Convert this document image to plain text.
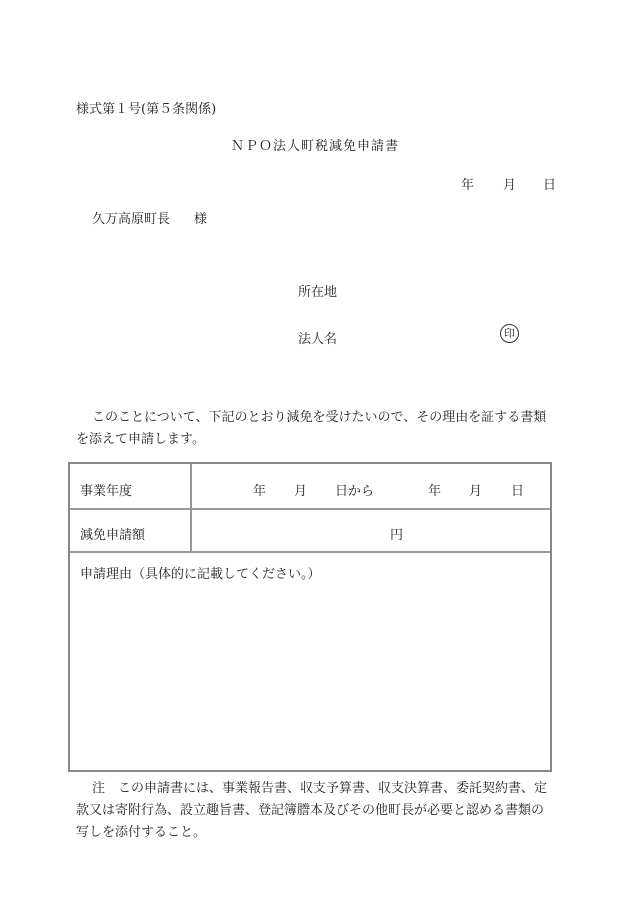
様式第１号(第５条関係)
ＮＰＯ法人町税減免申請書
年 月 日
久万高原町長 様
所在地
法人名	印
このことについて、下記のとおり減免を受けたいので、その理由を証する書類を添えて申請します。
事業年度	年 月 日から	年 月 日
減免申請額	円
申請理由（具体的に記載してください。）
注　この申請書には、事業報告書、収支予算書、収支決算書、委託契約書、定款又は寄附行為、設立趣旨書、登記簿謄本及びその他町長が必要と認める書類の写しを添付すること。
